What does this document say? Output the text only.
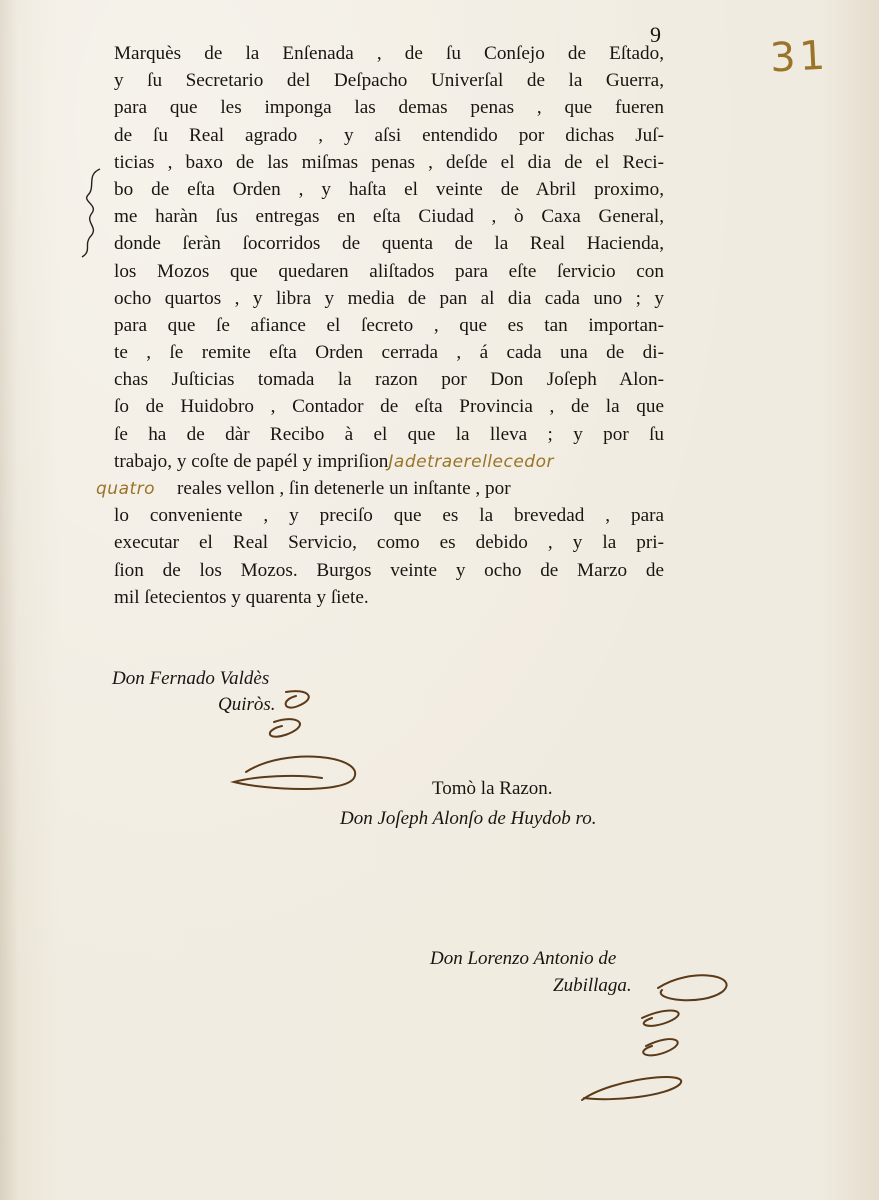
9	31
Marquès de la Enſenada , de ſu Conſejo de Eſtado,
y ſu Secretario del Deſpacho Univerſal de la Guerra,
para que les imponga las demas penas , que fueren
de ſu Real agrado , y aſsi entendido por dichas Juſ-
ticias , baxo de las miſmas penas , deſde el dia de el Reci-
bo de eſta Orden , y haſta el veinte de Abril proximo,
me haràn ſus entregas en eſta Ciudad , ò Caxa General,
donde ſeràn ſocorridos de quenta de la Real Hacienda,
los Mozos que quedaren aliſtados para eſte ſervicio con
ocho quartos , y libra y media de pan al dia cada uno ; y
para que ſe afiance el ſecreto , que es tan importan-
te , ſe remite eſta Orden cerrada , á cada una de di-
chas Juſticias tomada la razon por Don Joſeph Alon-
ſo de Huidobro , Contador de eſta Provincia , de la que
ſe ha de dàr Recibo à el que la lleva ; y por ſu
trabajo, y coſte de papél y impriſionJadetraerellecedor
quatro reales vellon , ſin detenerle un inſtante , por
lo conveniente , y preciſo que es la brevedad , para
executar el Real Servicio, como es debido , y la pri-
ſion de los Mozos. Burgos veinte y ocho de Marzo de
mil ſetecientos y quarenta y ſiete.
Don Fernado Valdès
Quiròs.
Tomò la Razon.
Don Joſeph Alonſo de Huydob ro.
Don Lorenzo Antonio de
Zubillaga.
